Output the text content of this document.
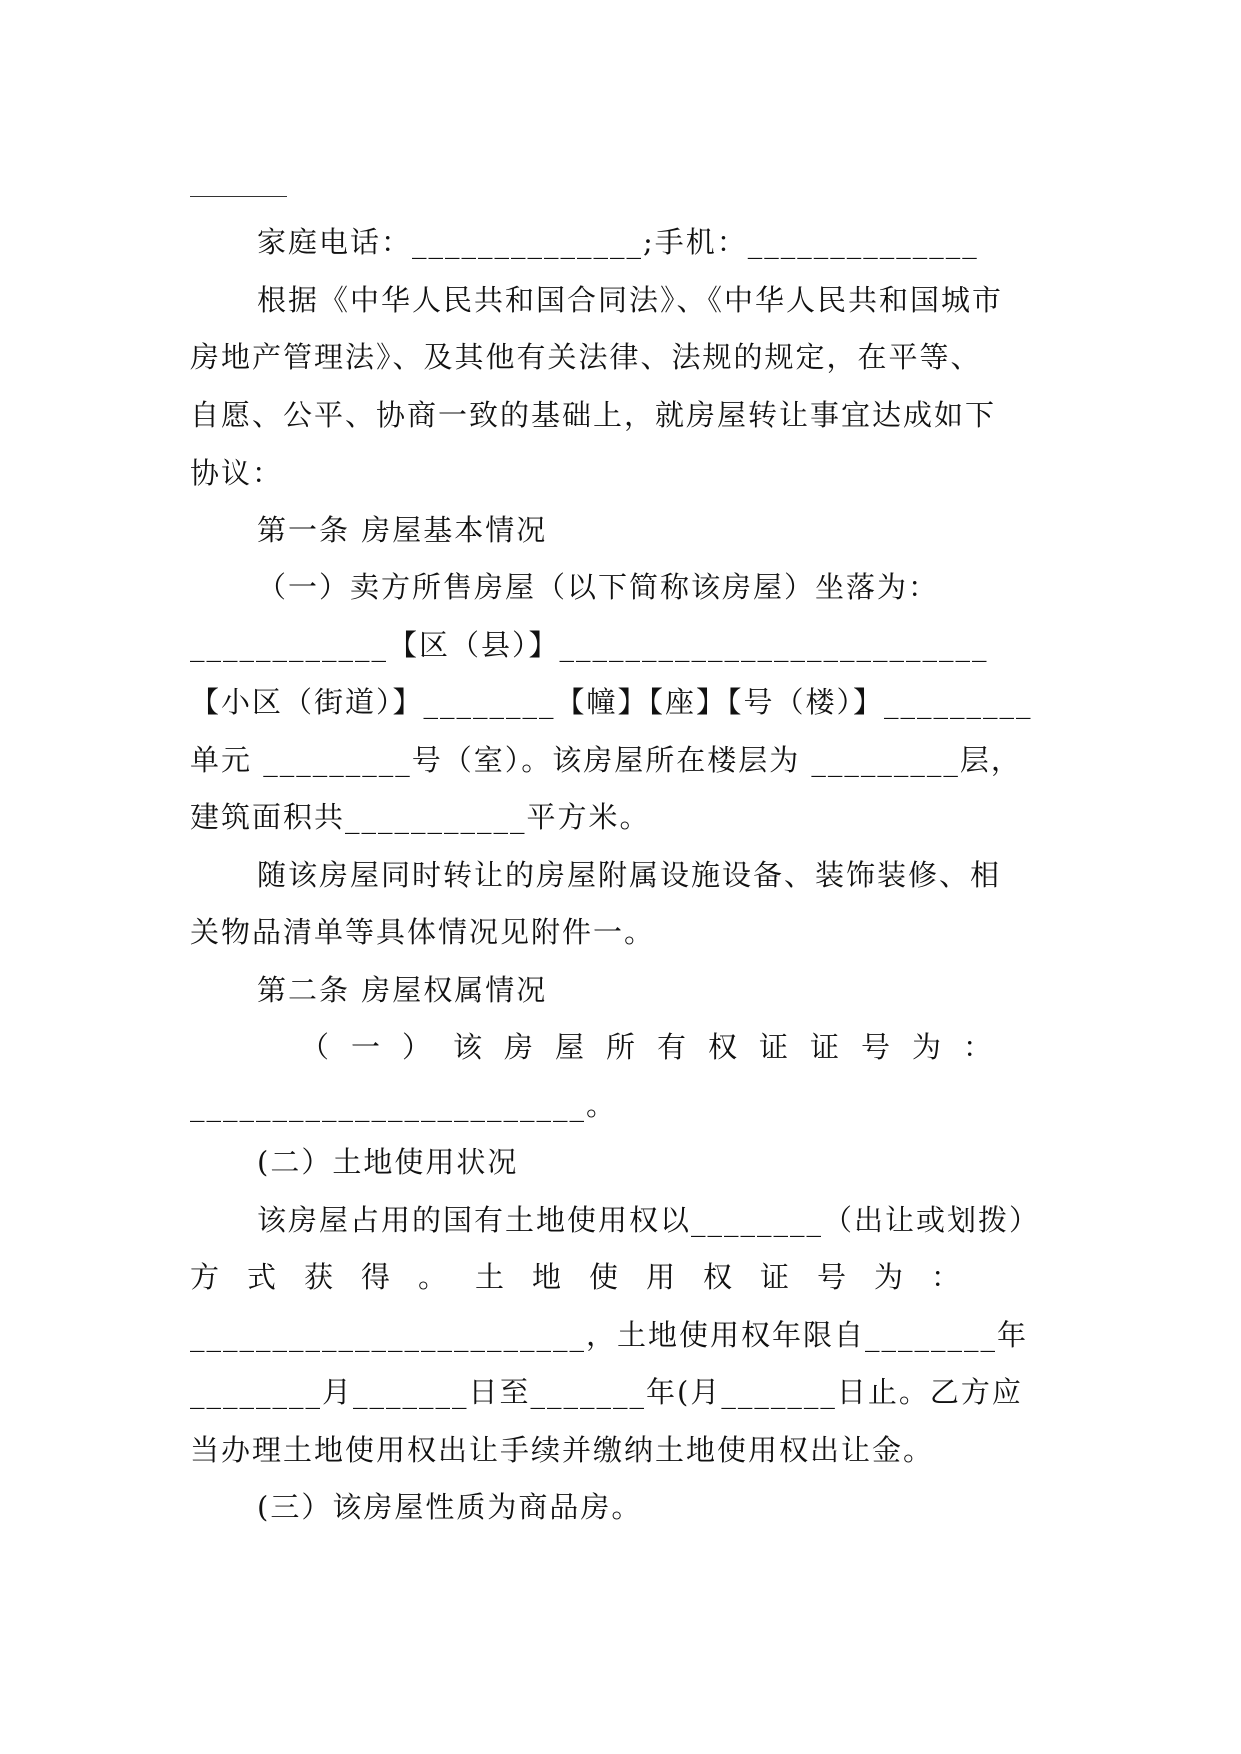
家庭电话：______________;手机：______________
根据《中华人民共和国合同法》、《中华人民共和国城市
房地产管理法》、及其他有关法律、法规的规定，在平等、
自愿、公平、协商一致的基础上，就房屋转让事宜达成如下
协议：
第一条 房屋基本情况
（一）卖方所售房屋（以下简称该房屋）坐落为：
____________【区（县）】__________________________
【小区（街道）】________【幢】【座】【号（楼）】_________
单元 _________号（室）。该房屋所在楼层为 _________层，
建筑面积共___________平方米。
随该房屋同时转让的房屋附属设施设备、装饰装修、相
关物品清单等具体情况见附件一。
第二条 房屋权属情况
（一）该房屋所有权证证号为：
________________________。
(二）土地使用状况
该房屋占用的国有土地使用权以________（出让或划拨）
方式获得。土地使用权证号为：
________________________，土地使用权年限自________年
________月_______日至_______年(月_______日止。乙方应
当办理土地使用权出让手续并缴纳土地使用权出让金。
(三）该房屋性质为商品房。
